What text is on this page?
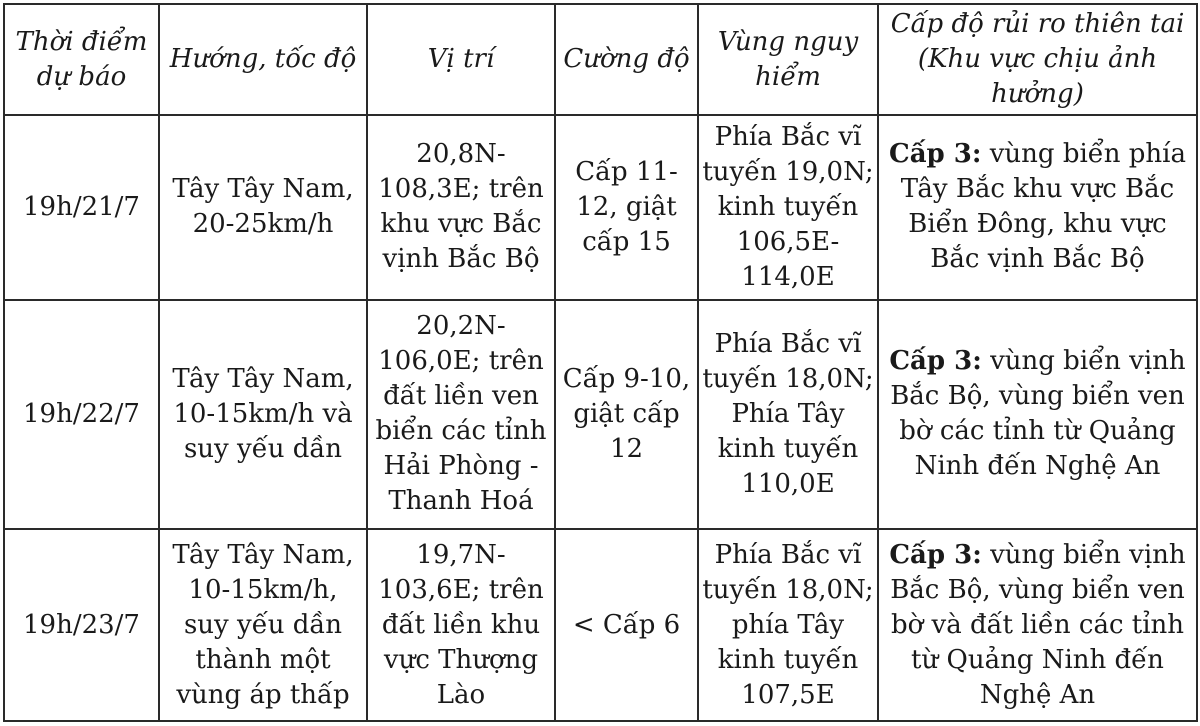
Thời điểm dự báo	Hướng, tốc độ	Vị trí	Cường độ	Vùng nguy hiểm	Cấp độ rủi ro thiên tai (Khu vực chịu ảnh hưởng)
19h/21/7	Tây Tây Nam, 20-25km/h	20,8N-108,3E; trên khu vực Bắc vịnh Bắc Bộ	Cấp 11-12, giật cấp 15	Phía Bắc vĩ tuyến 19,0N; kinh tuyến 106,5E-114,0E	Cấp 3: vùng biển phía Tây Bắc khu vực Bắc Biển Đông, khu vực Bắc vịnh Bắc Bộ
19h/22/7	Tây Tây Nam, 10-15km/h và suy yếu dần	20,2N-106,0E; trên đất liền ven biển các tỉnh Hải Phòng - Thanh Hoá	Cấp 9-10, giật cấp 12	Phía Bắc vĩ tuyến 18,0N; Phía Tây kinh tuyến 110,0E	Cấp 3: vùng biển vịnh Bắc Bộ, vùng biển ven bờ các tỉnh từ Quảng Ninh đến Nghệ An
19h/23/7	Tây Tây Nam, 10-15km/h, suy yếu dần thành một vùng áp thấp	19,7N-103,6E; trên đất liền khu vực Thượng Lào	< Cấp 6	Phía Bắc vĩ tuyến 18,0N; phía Tây kinh tuyến 107,5E	Cấp 3: vùng biển vịnh Bắc Bộ, vùng biển ven bờ và đất liền các tỉnh từ Quảng Ninh đến Nghệ An
